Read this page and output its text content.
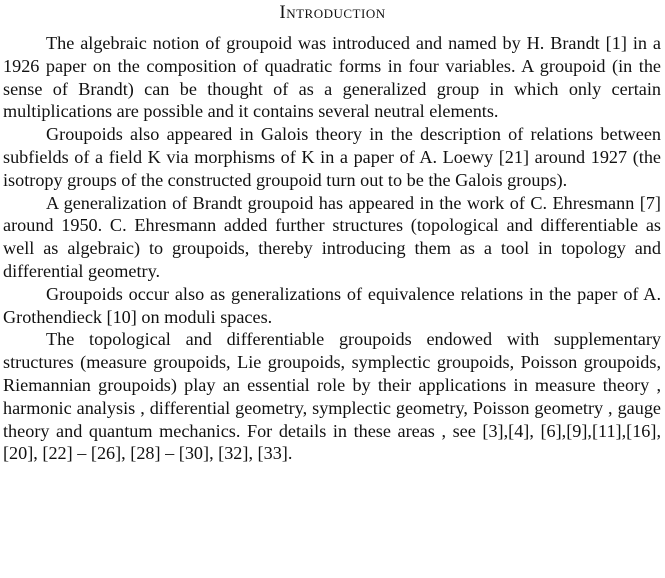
Introduction

The algebraic notion of groupoid was introduced and named by H. Brandt [1] in a 1926 paper on the composition of quadratic forms in four variables. A groupoid (in the sense of Brandt) can be thought of as a generalized group in which only certain multiplications are possible and it contains several neutral elements.

Groupoids also appeared in Galois theory in the description of relations between subfields of a field K via morphisms of K in a paper of A. Loewy [21] around 1927 (the isotropy groups of the constructed groupoid turn out to be the Galois groups).

A generalization of Brandt groupoid has appeared in the work of C. Ehresmann [7] around 1950. C. Ehresmann added further structures (topological and differentiable as well as algebraic) to groupoids, thereby introducing them as a tool in topology and differential geometry.

Groupoids occur also as generalizations of equivalence relations in the paper of A. Grothendieck [10] on moduli spaces.

The topological and differentiable groupoids endowed with supplementary structures (measure groupoids, Lie groupoids, symplectic groupoids, Poisson groupoids, Riemannian groupoids) play an essential role by their applications in measure theory , harmonic analysis , differential geometry, symplectic geometry, Poisson geometry , gauge theory and quantum mechanics. For details in these areas , see [3],[4], [6],[9],[11],[16], [20], [22] – [26], [28] – [30], [32], [33].
